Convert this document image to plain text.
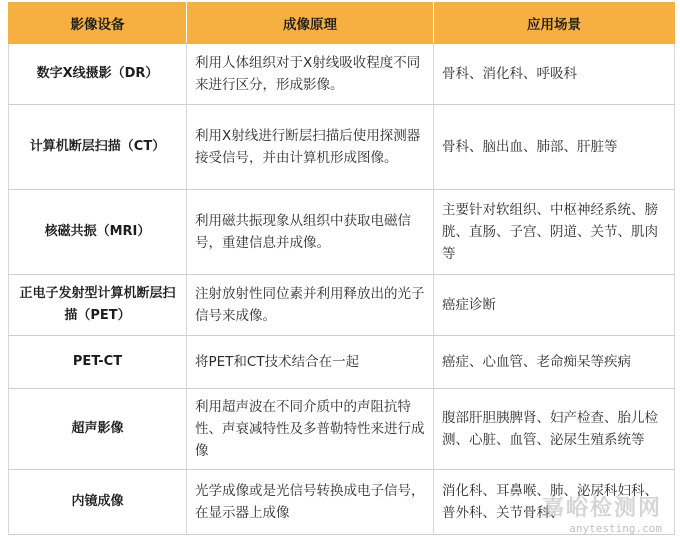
影像设备	成像原理	应用场景
数字X线摄影（DR）	利用人体组织对于X射线吸收程度不同来进行区分，形成影像。	骨科、消化科、呼吸科
计算机断层扫描（CT）	利用X射线进行断层扫描后使用探测器接受信号，并由计算机形成图像。	骨科、脑出血、肺部、肝脏等
核磁共振（MRI）	利用磁共振现象从组织中获取电磁信号，重建信息并成像。	主要针对软组织、中枢神经系统、膀胱、直肠、子宫、阴道、关节、肌肉等
正电子发射型计算机断层扫描（PET）	注射放射性同位素并利用释放出的光子信号来成像。	癌症诊断
PET-CT	将PET和CT技术结合在一起	癌症、心血管、老命痴呆等疾病
超声影像	利用超声波在不同介质中的声阻抗特性、声衰减特性及多普勒特性来进行成像	腹部肝胆胰脾肾、妇产检查、胎儿检测、心脏、血管、泌尿生殖系统等
内镜成像	光学成像或是光信号转换成电子信号，在显示器上成像	消化科、耳鼻喉、肺、泌尿科妇科、普外科、关节骨科、
嘉峪检测网
anytesting.com
